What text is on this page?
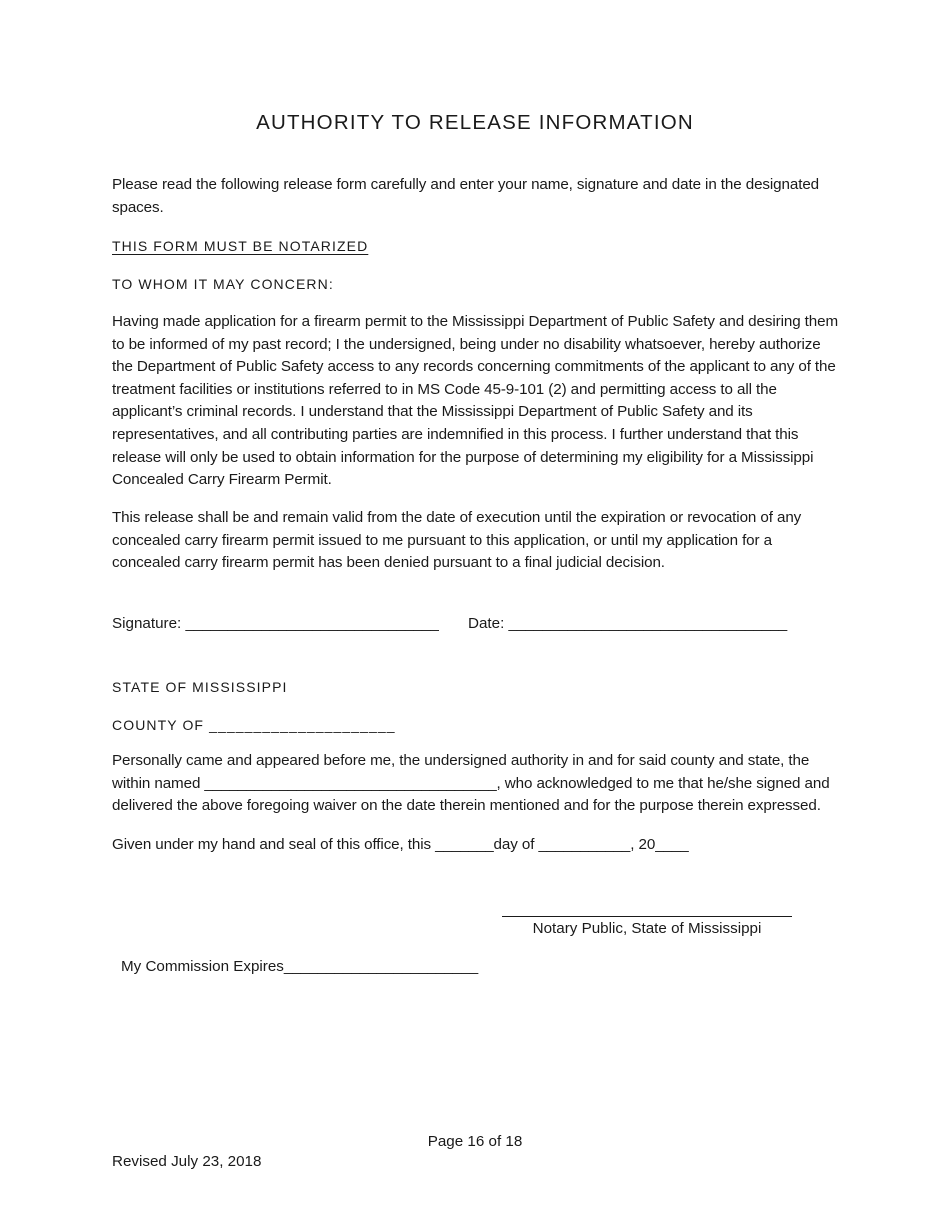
AUTHORITY TO RELEASE INFORMATION
Please read the following release form carefully and enter your name, signature and date in the designated spaces.
THIS FORM MUST BE NOTARIZED
TO WHOM IT MAY CONCERN:
Having made application for a firearm permit to the Mississippi Department of Public Safety and desiring them to be informed of my past record; I the undersigned, being under no disability whatsoever, hereby authorize the Department of Public Safety access to any records concerning commitments of the applicant to any of the treatment facilities or institutions referred to in MS Code 45-9-101 (2) and permitting access to all the applicant’s criminal records. I understand that the Mississippi Department of Public Safety and its representatives, and all contributing parties are indemnified in this process. I further understand that this release will only be used to obtain information for the purpose of determining my eligibility for a Mississippi Concealed Carry Firearm Permit.
This release shall be and remain valid from the date of execution until the expiration or revocation of any concealed carry firearm permit issued to me pursuant to this application, or until my application for a concealed carry firearm permit has been denied pursuant to a final judicial decision.
Signature: ______________________________ Date: _________________________________
STATE OF MISSISSIPPI
COUNTY OF _____________________
Personally came and appeared before me, the undersigned authority in and for said county and state, the within named ___________________________________, who acknowledged to me that he/she signed and delivered the above foregoing waiver on the date therein mentioned and for the purpose therein expressed.
Given under my hand and seal of this office, this _______day of ___________, 20____
Notary Public, State of Mississippi
My Commission Expires_______________________
Page 16 of 18
Revised July 23, 2018
